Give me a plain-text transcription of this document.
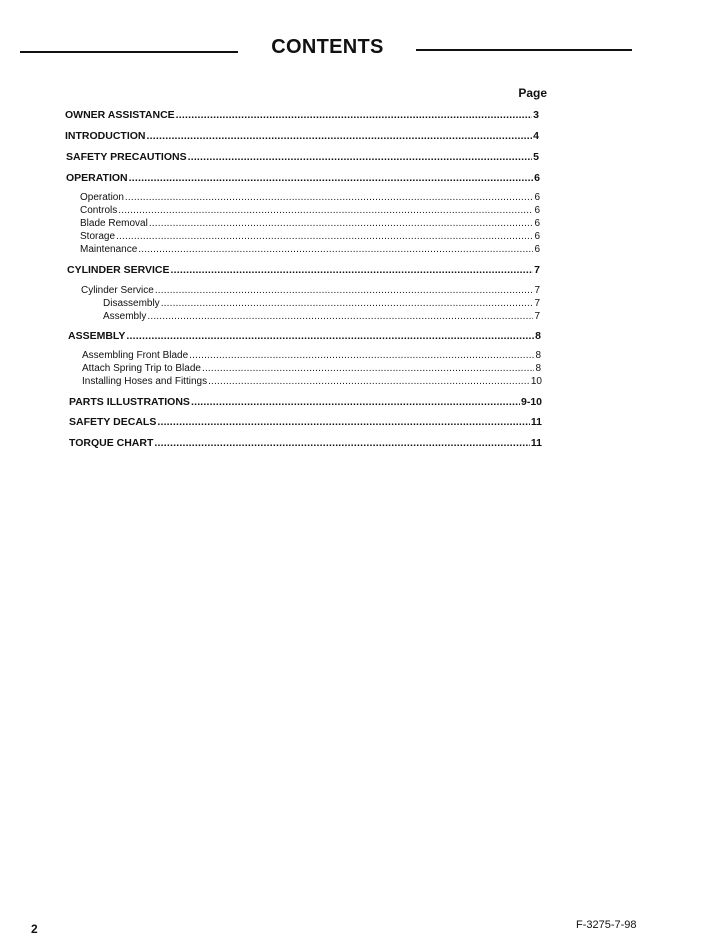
CONTENTS
Page
OWNER ASSISTANCE .....	3
INTRODUCTION .....	4
SAFETY PRECAUTIONS .....	5
OPERATION .....	6
Operation .....	6
Controls .....	6
Blade Removal .....	6
Storage .....	6
Maintenance .....	6
CYLINDER SERVICE .....	7
Cylinder Service .....	7
Disassembly .....	7
Assembly .....	7
ASSEMBLY .....	8
Assembling Front Blade .....	8
Attach Spring Trip to Blade .....	8
Installing Hoses and Fittings .....	10
PARTS ILLUSTRATIONS .....	9-10
SAFETY DECALS .....	11
TORQUE CHART .....	11
2	F-3275-7-98
